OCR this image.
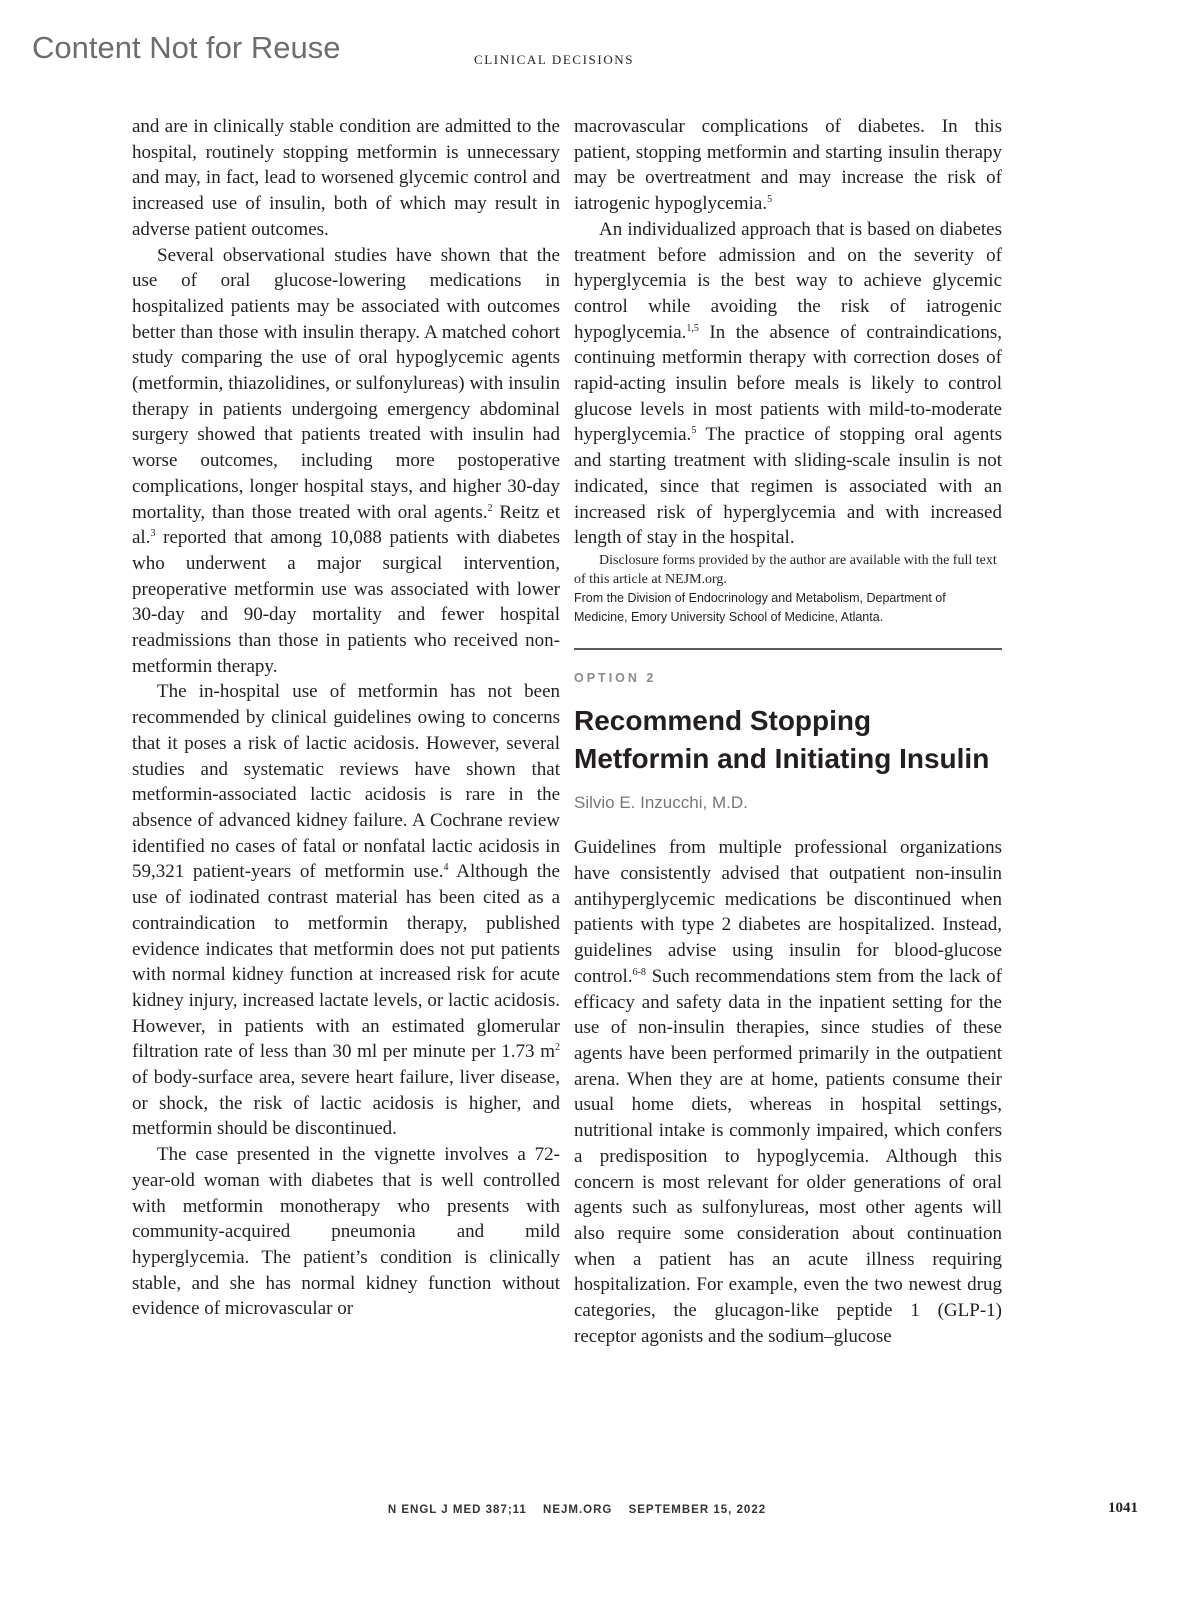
Content Not for Reuse	CLINICAL DECISIONS

and are in clinically stable condition are admitted to the hospital, routinely stopping metformin is unnecessary and may, in fact, lead to worsened glycemic control and increased use of insulin, both of which may result in adverse patient outcomes.

Several observational studies have shown that the use of oral glucose-lowering medications in hospitalized patients may be associated with outcomes better than those with insulin therapy. A matched cohort study comparing the use of oral hypoglycemic agents (metformin, thiazolidines, or sulfonylureas) with insulin therapy in patients undergoing emergency abdominal surgery showed that patients treated with insulin had worse outcomes, including more postoperative complications, longer hospital stays, and higher 30-day mortality, than those treated with oral agents.$^2$ Reitz et al.$^3$ reported that among 10,088 patients with diabetes who underwent a major surgical intervention, preoperative metformin use was associated with lower 30-day and 90-day mortality and fewer hospital readmissions than those in patients who received non-metformin therapy.

The in-hospital use of metformin has not been recommended by clinical guidelines owing to concerns that it poses a risk of lactic acidosis. However, several studies and systematic reviews have shown that metformin-associated lactic acidosis is rare in the absence of advanced kidney failure. A Cochrane review identified no cases of fatal or nonfatal lactic acidosis in 59,321 patient-years of metformin use.$^4$ Although the use of iodinated contrast material has been cited as a contraindication to metformin therapy, published evidence indicates that metformin does not put patients with normal kidney function at increased risk for acute kidney injury, increased lactate levels, or lactic acidosis. However, in patients with an estimated glomerular filtration rate of less than 30 ml per minute per 1.73 $m^2$ of body-surface area, severe heart failure, liver disease, or shock, the risk of lactic acidosis is higher, and metformin should be discontinued.

The case presented in the vignette involves a 72-year-old woman with diabetes that is well controlled with metformin monotherapy who presents with community-acquired pneumonia and mild hyperglycemia. The patient’s condition is clinically stable, and she has normal kidney function without evidence of microvascular or

macrovascular complications of diabetes. In this patient, stopping metformin and starting insulin therapy may be overtreatment and may increase the risk of iatrogenic hypoglycemia.$^5$

An individualized approach that is based on diabetes treatment before admission and on the severity of hyperglycemia is the best way to achieve glycemic control while avoiding the risk of iatrogenic hypoglycemia.$^{1,5}$ In the absence of contraindications, continuing metformin therapy with correction doses of rapid-acting insulin before meals is likely to control glucose levels in most patients with mild-to-moderate hyperglycemia.$^5$ The practice of stopping oral agents and starting treatment with sliding-scale insulin is not indicated, since that regimen is associated with an increased risk of hyperglycemia and with increased length of stay in the hospital.

Disclosure forms provided by the author are available with the full text of this article at NEJM.org.

From the Division of Endocrinology and Metabolism, Department of Medicine, Emory University School of Medicine, Atlanta.

OPTION 2
Recommend Stopping Metformin and Initiating Insulin
Silvio E. Inzucchi, M.D.

Guidelines from multiple professional organizations have consistently advised that outpatient non-insulin antihyperglycemic medications be discontinued when patients with type 2 diabetes are hospitalized. Instead, guidelines advise using insulin for blood-glucose control.$^{6-8}$ Such recommendations stem from the lack of efficacy and safety data in the inpatient setting for the use of non-insulin therapies, since studies of these agents have been performed primarily in the outpatient arena. When they are at home, patients consume their usual home diets, whereas in hospital settings, nutritional intake is commonly impaired, which confers a predisposition to hypoglycemia. Although this concern is most relevant for older generations of oral agents such as sulfonylureas, most other agents will also require some consideration about continuation when a patient has an acute illness requiring hospitalization. For example, even the two newest drug categories, the glucagon-like peptide 1 (GLP-1) receptor agonists and the sodium–glucose

N ENGL J MED 387;11 NEJM.ORG SEPTEMBER 15, 2022	1041
